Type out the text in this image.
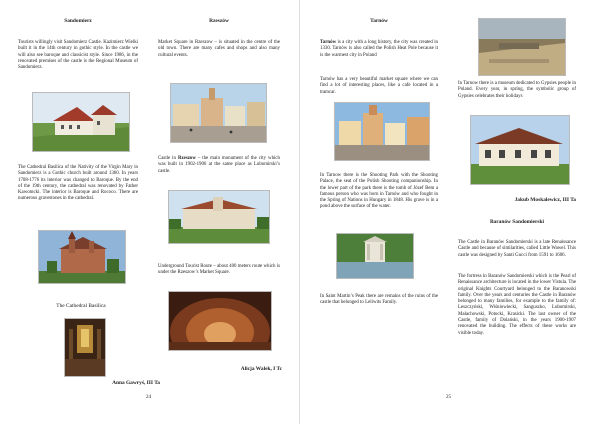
Sandomierz

Tourists willingly visit Sandomierz Castle. Kazimierz Wielki built it in the 14th century in gothic style. In the castle we will also see baroque and classicist style. Since 1986, in the renovated premises of the castle is the Regional Museum of Sandomierz.

The Cathedral Basilica of the Nativity of the Virgin Mary in Sandomierz is a Gothic church built around 1360. In years 1708-1776 its interior was changed to Baroque. By the end of the 19th century, the cathedral was renovated by Father Kawomcki. The interior is Baroque and Rococo. There are numerous gravestones in the cathedral.

The Cathedral Basilica
Anna Gawryś, III Ta
Rzeszów

Market Square in Rzeszow – is situated in the centre of the old town. There are many cafes and shops and also many cultural events.

Castle in Rzeszow – the main monument of the city which was built in 1902-1906 at the same place as Lubomirski’s castle.

Underground Tourist Route – about 400 meters route which is under the Rzeszow’s Market Square.

Alicja Walek, I Tc
24
Tarnów

Tarnów is a city with a long history, the city was created in 1330. Tarnów is also called the Polish Heat Pole because it is the warmest city in Poland

Tarnów has a very beautiful market square where we can find a lot of interesting places, like a cafe located in a tramcar.

In Tarnow there is the Shooting Park with the Shooting Palace, the seat of the Polish Shooting companionship. In the lower part of the park there is the tomb of Józef Bem a famous person who was born in Tarnów and who fought in the Spring of Nations in Hungary in 1848. His grave is in a pond above the surface of the water.

In Saint Martin’s Peak there are remains of the ruins of the castle that belonged to Leliwits Family.

In Tarnow there is a museum dedicated to Gypsies people in Poland. Every year, in spring, the symbolic group of Gypsies celebrates their holidays

Jakub Moskalewicz, III Ta
Baranów Sandomierski

The Castle in Baranów Sandomierski is a late Renaissance Castle and because of similarities, called Little Wawel. This castle was designed by Santi Gucci from 1591 to 1606.

The fortress in Baranów Sandomierski which is the Pearl of Renaissance architecture is located in the lower Vistula. The original Knights Courtyard belonged to the Baranowski family. Over the years and centuries the Castle in Baranów belonged to many families, for example to the family of: Leszczyński, Wiśniowiecki, Sanguszko, Lubomirski, Małachowski, Potocki, Krasicki. The last owner of the Castle, family of Dolański, in the years 1900-1907 renovated the building. The effects of these works are visible today.

25
